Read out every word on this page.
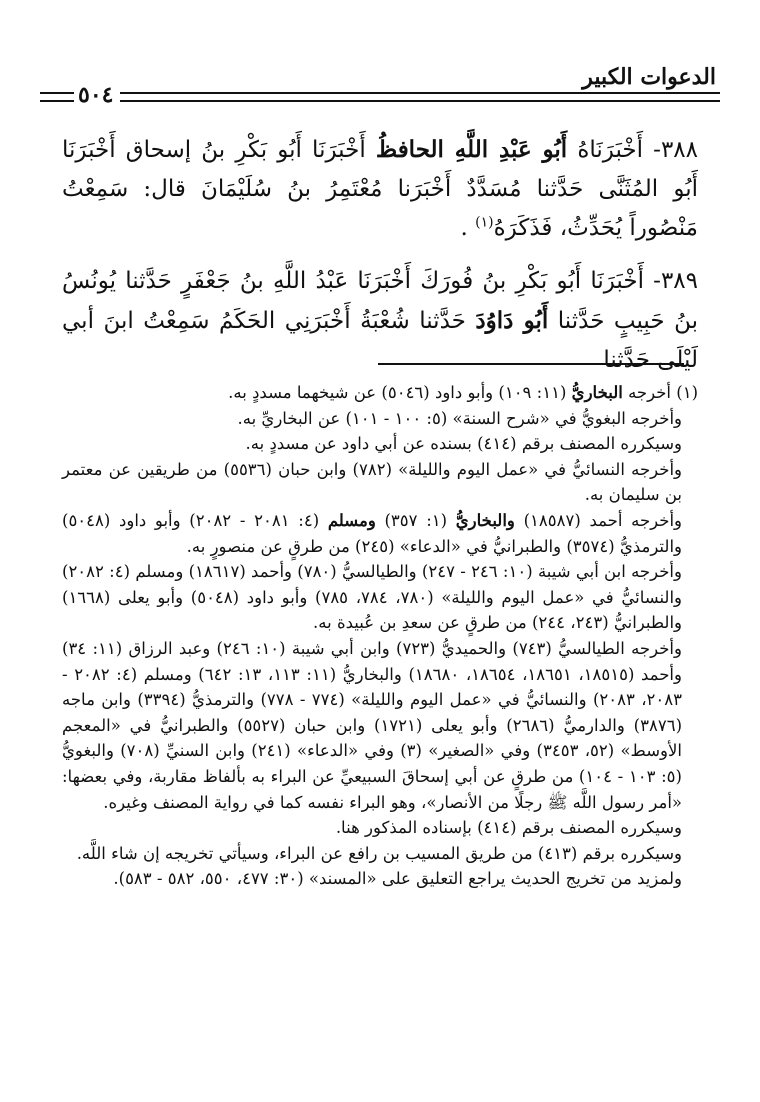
الدعوات الكبير
٥٠٤

٣٨٨- أَخْبَرَنَاهُ أَبُو عَبْدِ اللَّهِ الحافظُ أَخْبَرَنَا أَبُو بَكْرِ بنُ إسحاق أَخْبَرَنَا أَبُو المُثَنَّى حَدَّثنا مُسَدَّدٌ أَخْبَرَنا مُعْتَمِرُ بنُ سُلَيْمَانَ قال: سَمِعْتُ مَنْصُوراً يُحَدِّثُ، فَذَكَرَهُ$^{(١)}$ .

٣٨٩- أَخْبَرَنَا أَبُو بَكْرِ بنُ فُورَكَ أَخْبَرَنَا عَبْدُ اللَّهِ بنُ جَعْفَرٍ حَدَّثنا يُونُسُ بنُ حَبِيبٍ حَدَّثنا أَبُو دَاوُدَ حَدَّثنا شُعْبَةُ أَخْبَرَنِي الحَكَمُ سَمِعْتُ ابنَ أبي لَيْلَى حَدَّثنا

(١) أخرجه البخاريُّ (١١: ١٠٩) وأبو داود (٥٠٤٦) عن شيخهما مسددٍ به.

وأخرجه البغويُّ في «شرح السنة» (٥: ١٠٠ - ١٠١) عن البخاريِّ به.

وسيكرره المصنف برقم (٤١٤) بسنده عن أبي داود عن مسددٍ به.

وأخرجه النسائيُّ في «عمل اليوم والليلة» (٧٨٢) وابن حبان (٥٥٣٦) من طريقين عن معتمر بن سليمان به.

وأخرجه أحمد (١٨٥٨٧) والبخاريُّ (١: ٣٥٧) ومسلم (٤: ٢٠٨١ - ٢٠٨٢) وأبو داود (٥٠٤٨) والترمذيُّ (٣٥٧٤) والطبرانيُّ في «الدعاء» (٢٤٥) من طرقٍ عن منصورٍ به.

وأخرجه ابن أبي شيبة (١٠: ٢٤٦ - ٢٤٧) والطيالسيُّ (٧٨٠) وأحمد (١٨٦١٧) ومسلم (٤: ٢٠٨٢) والنسائيُّ في «عمل اليوم والليلة» (٧٨٠، ٧٨٤، ٧٨٥) وأبو داود (٥٠٤٨) وأبو يعلى (١٦٦٨) والطبرانيُّ (٢٤٣، ٢٤٤) من طرقٍ عن سعدِ بن عُبيدة به.

وأخرجه الطيالسيُّ (٧٤٣) والحميديُّ (٧٢٣) وابن أبي شيبة (١٠: ٢٤٦) وعبد الرزاق (١١: ٣٤) وأحمد (١٨٥١٥، ١٨٦٥١، ١٨٦٥٤، ١٨٦٨٠) والبخاريُّ (١١: ١١٣، ١٣: ٦٤٢) ومسلم (٤: ٢٠٨٢ - ٢٠٨٣، ٢٠٨٣) والنسائيُّ في «عمل اليوم والليلة» (٧٧٤ - ٧٧٨) والترمذيُّ (٣٣٩٤) وابن ماجه (٣٨٧٦) والدارميُّ (٢٦٨٦) وأبو يعلى (١٧٢١) وابن حبان (٥٥٢٧) والطبرانيُّ في «المعجم الأوسط» (٥٢، ٣٤٥٣) وفي «الصغير» (٣) وفي «الدعاء» (٢٤١) وابن السنيِّ (٧٠٨) والبغويُّ (٥: ١٠٣ - ١٠٤) من طرقٍ عن أبي إسحاقَ السبيعيِّ عن البراء به بألفاظ مقاربة، وفي بعضها: «أمر رسول اللَّه ﷺ رجلًا من الأنصار»، وهو البراء نفسه كما في رواية المصنف وغيره.

وسيكرره المصنف برقم (٤١٤) بإسناده المذكور هنا.

وسيكرره برقم (٤١٣) من طريق المسيب بن رافع عن البراء، وسيأتي تخريجه إن شاء اللَّه.

ولمزيد من تخريج الحديث يراجع التعليق على «المسند» (٣٠: ٤٧٧، ٥٥٠، ٥٨٢ - ٥٨٣).
